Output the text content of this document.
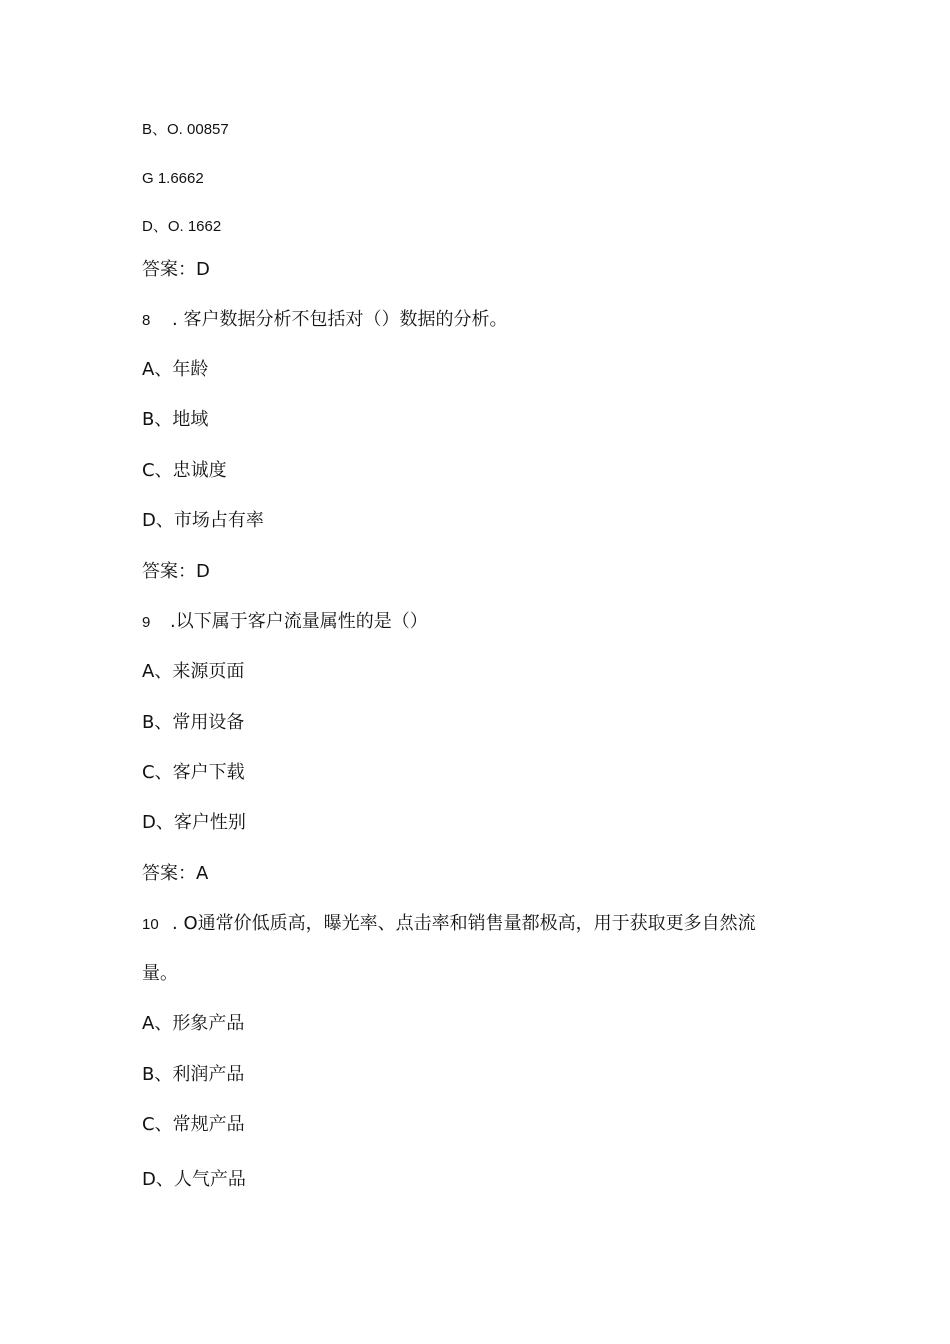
B、O. 00857
G 1.6662
D、O. 1662
答案：D
8 . 客户数据分析不包括对（）数据的分析。
A、年龄
B、地域
C、忠诚度
D、市场占有率
答案：D
9 .以下属于客户流量属性的是（）
A、来源页面
B、常用设备
C、客户下载
D、客户性别
答案：A
10 . O通常价低质高，曝光率、点击率和销售量都极高，用于获取更多自然流
量。
A、形象产品
B、利润产品
C、常规产品
D、人气产品
